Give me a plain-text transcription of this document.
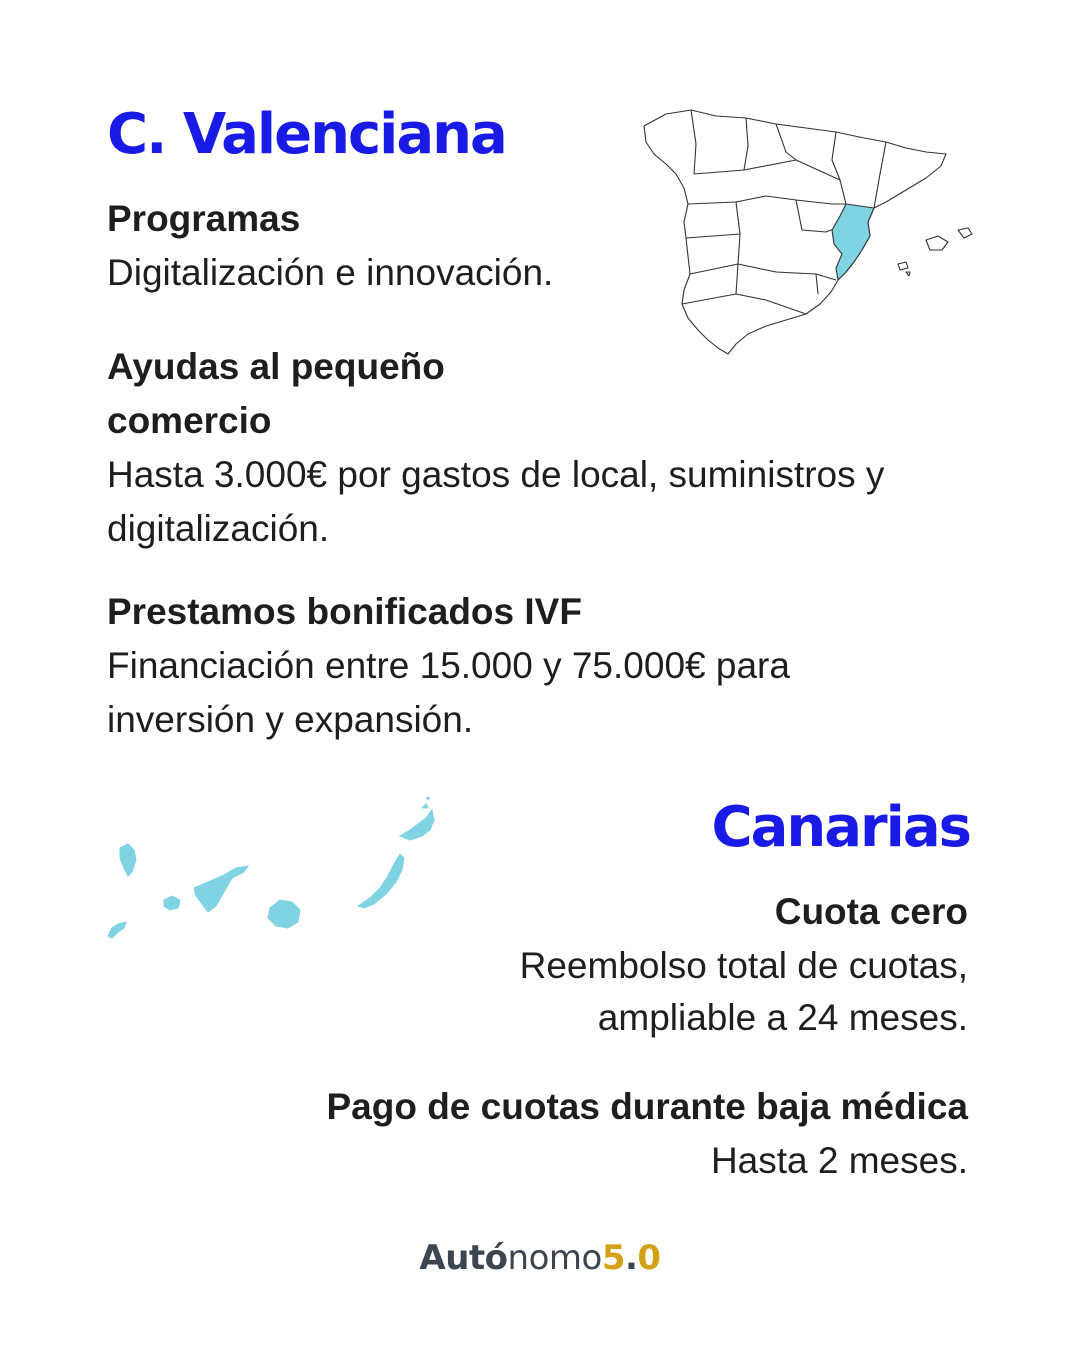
C. Valenciana
Programas
Digitalización e innovación.
Ayudas al pequeño
comercio
Hasta 3.000€ por gastos de local, suministros y
digitalización.
Prestamos bonificados IVF
Financiación entre 15.000 y 75.000€ para
inversión y expansión.
Canarias
Cuota cero
Reembolso total de cuotas,
ampliable a 24 meses.
Pago de cuotas durante baja médica
Hasta 2 meses.
Autónomo5.0
